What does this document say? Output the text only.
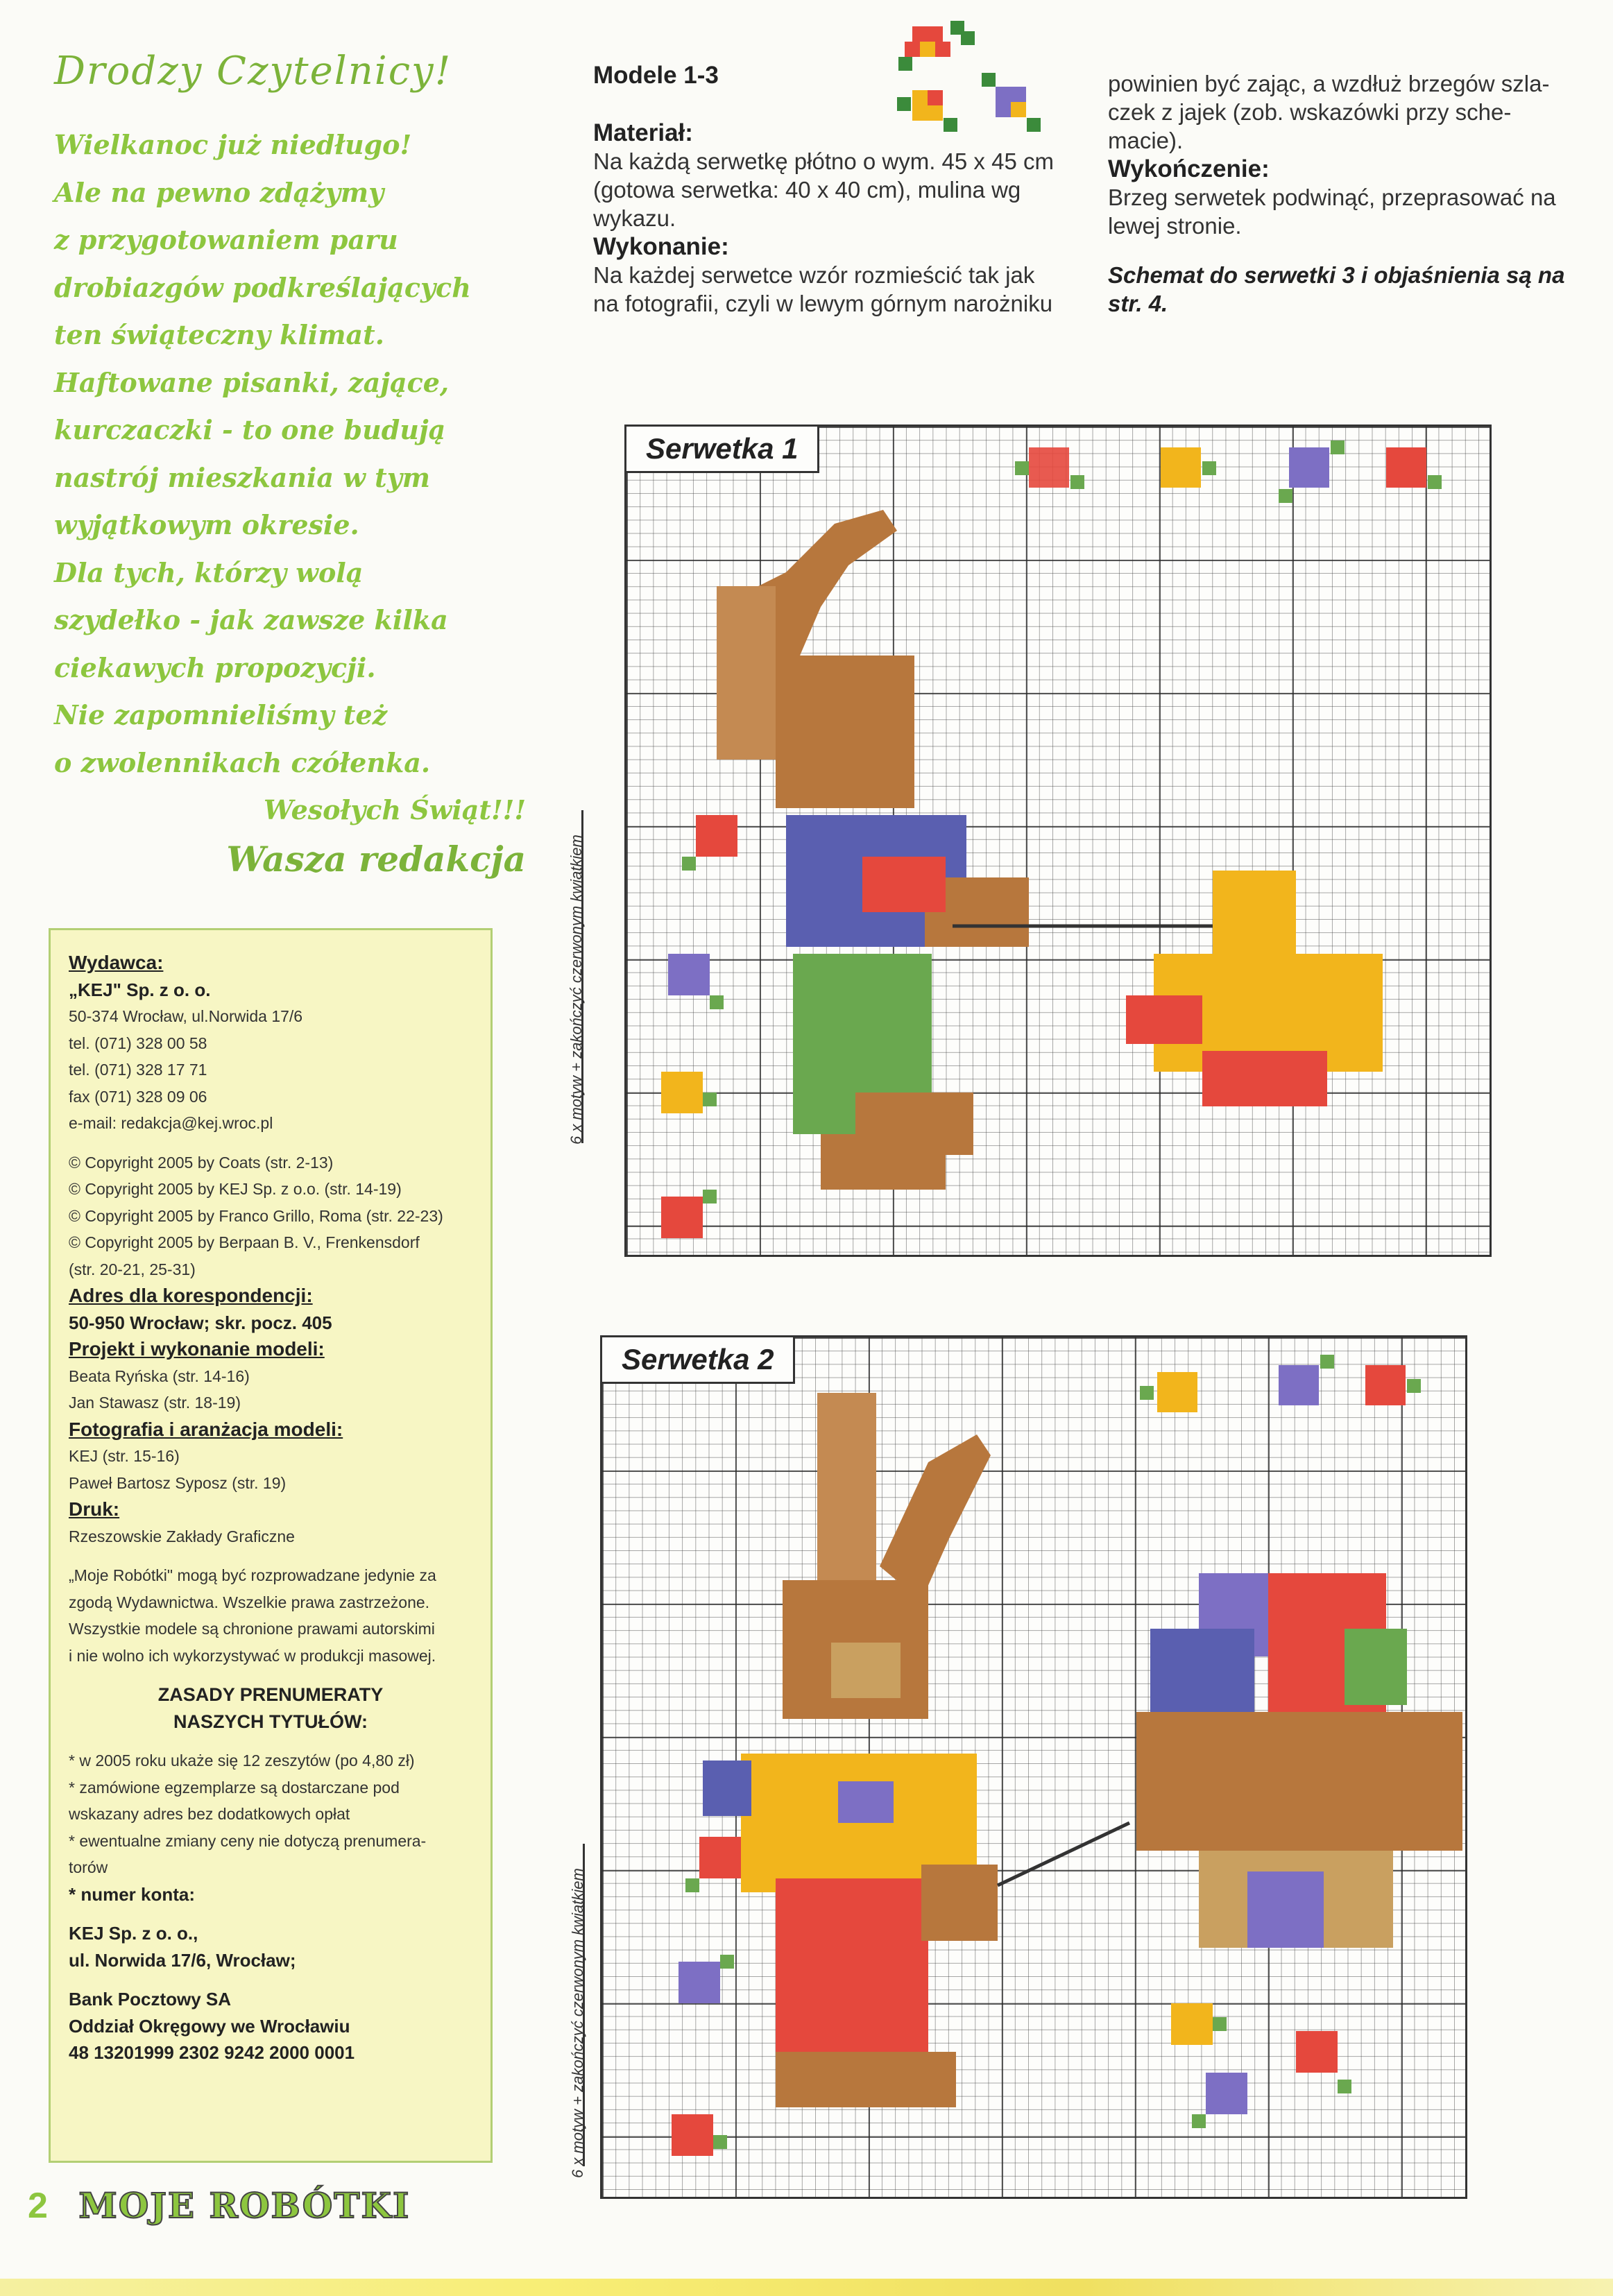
Drodzy Czytelnicy!
Wielkanoc już niedługo!
Ale na pewno zdążymy
z przygotowaniem paru
drobiazgów podkreślających
ten świąteczny klimat.
Haftowane pisanki, zające,
kurczaczki - to one budują
nastrój mieszkania w tym
wyjątkowym okresie.
Dla tych, którzy wolą
szydełko - jak zawsze kilka
ciekawych propozycji.
Nie zapomnieliśmy też
o zwolennikach czółenka.
Wesołych Świąt!!!
Wasza redakcja
Wydawca:
„KEJ" Sp. z o. o.
50-374 Wrocław, ul.Norwida 17/6
tel. (071) 328 00 58
tel. (071) 328 17 71
fax (071) 328 09 06
e-mail: redakcja@kej.wroc.pl
© Copyright 2005 by Coats (str. 2-13)
© Copyright 2005 by KEJ Sp. z o.o. (str. 14-19)
© Copyright 2005 by Franco Grillo, Roma (str. 22-23)
© Copyright 2005 by Berpaan B. V., Frenkensdorf
(str. 20-21, 25-31)
Adres dla korespondencji:
50-950 Wrocław; skr. pocz. 405
Projekt i wykonanie modeli:
Beata Ryńska (str. 14-16)
Jan Stawasz (str. 18-19)
Fotografia i aranżacja modeli:
KEJ (str. 15-16)
Paweł Bartosz Syposz (str. 19)
Druk:
Rzeszowskie Zakłady Graficzne
„Moje Robótki" mogą być rozprowadzane jedynie za
zgodą Wydawnictwa. Wszelkie prawa zastrzeżone.
Wszystkie modele są chronione prawami autorskimi
i nie wolno ich wykorzystywać w produkcji masowej.
ZASADY PRENUMERATY
NASZYCH TYTUŁÓW:
* w 2005 roku ukaże się 12 zeszytów (po 4,80 zł)
* zamówione egzemplarze są dostarczane pod
wskazany adres bez dodatkowych opłat
* ewentualne zmiany ceny nie dotyczą prenumera-
torów
* numer konta:
KEJ Sp. z o. o.,
ul. Norwida 17/6, Wrocław;
Bank Pocztowy SA
Oddział Okręgowy we Wrocławiu
48 13201999 2302 9242 2000 0001
Modele 1-3
Materiał:
Na każdą serwetkę płótno o wym. 45 x 45 cm
(gotowa serwetka: 40 x 40 cm), mulina wg
wykazu.
Wykonanie:
Na każdej serwetce wzór rozmieścić tak jak
na fotografii, czyli w lewym górnym narożniku
powinien być zając, a wzdłuż brzegów szla-
czek z jajek (zob. wskazówki przy sche-
macie).
Wykończenie:
Brzeg serwetek podwinąć, przeprasować na
lewej stronie.
Schemat do serwetki 3 i objaśnienia są na
str. 4.
Serwetka 1
6 x motyw + zakończyć czerwonym kwiatkiem
Serwetka 2
6 x motyw + zakończyć czerwonym kwiatkiem
2 MOJE ROBÓTKI
